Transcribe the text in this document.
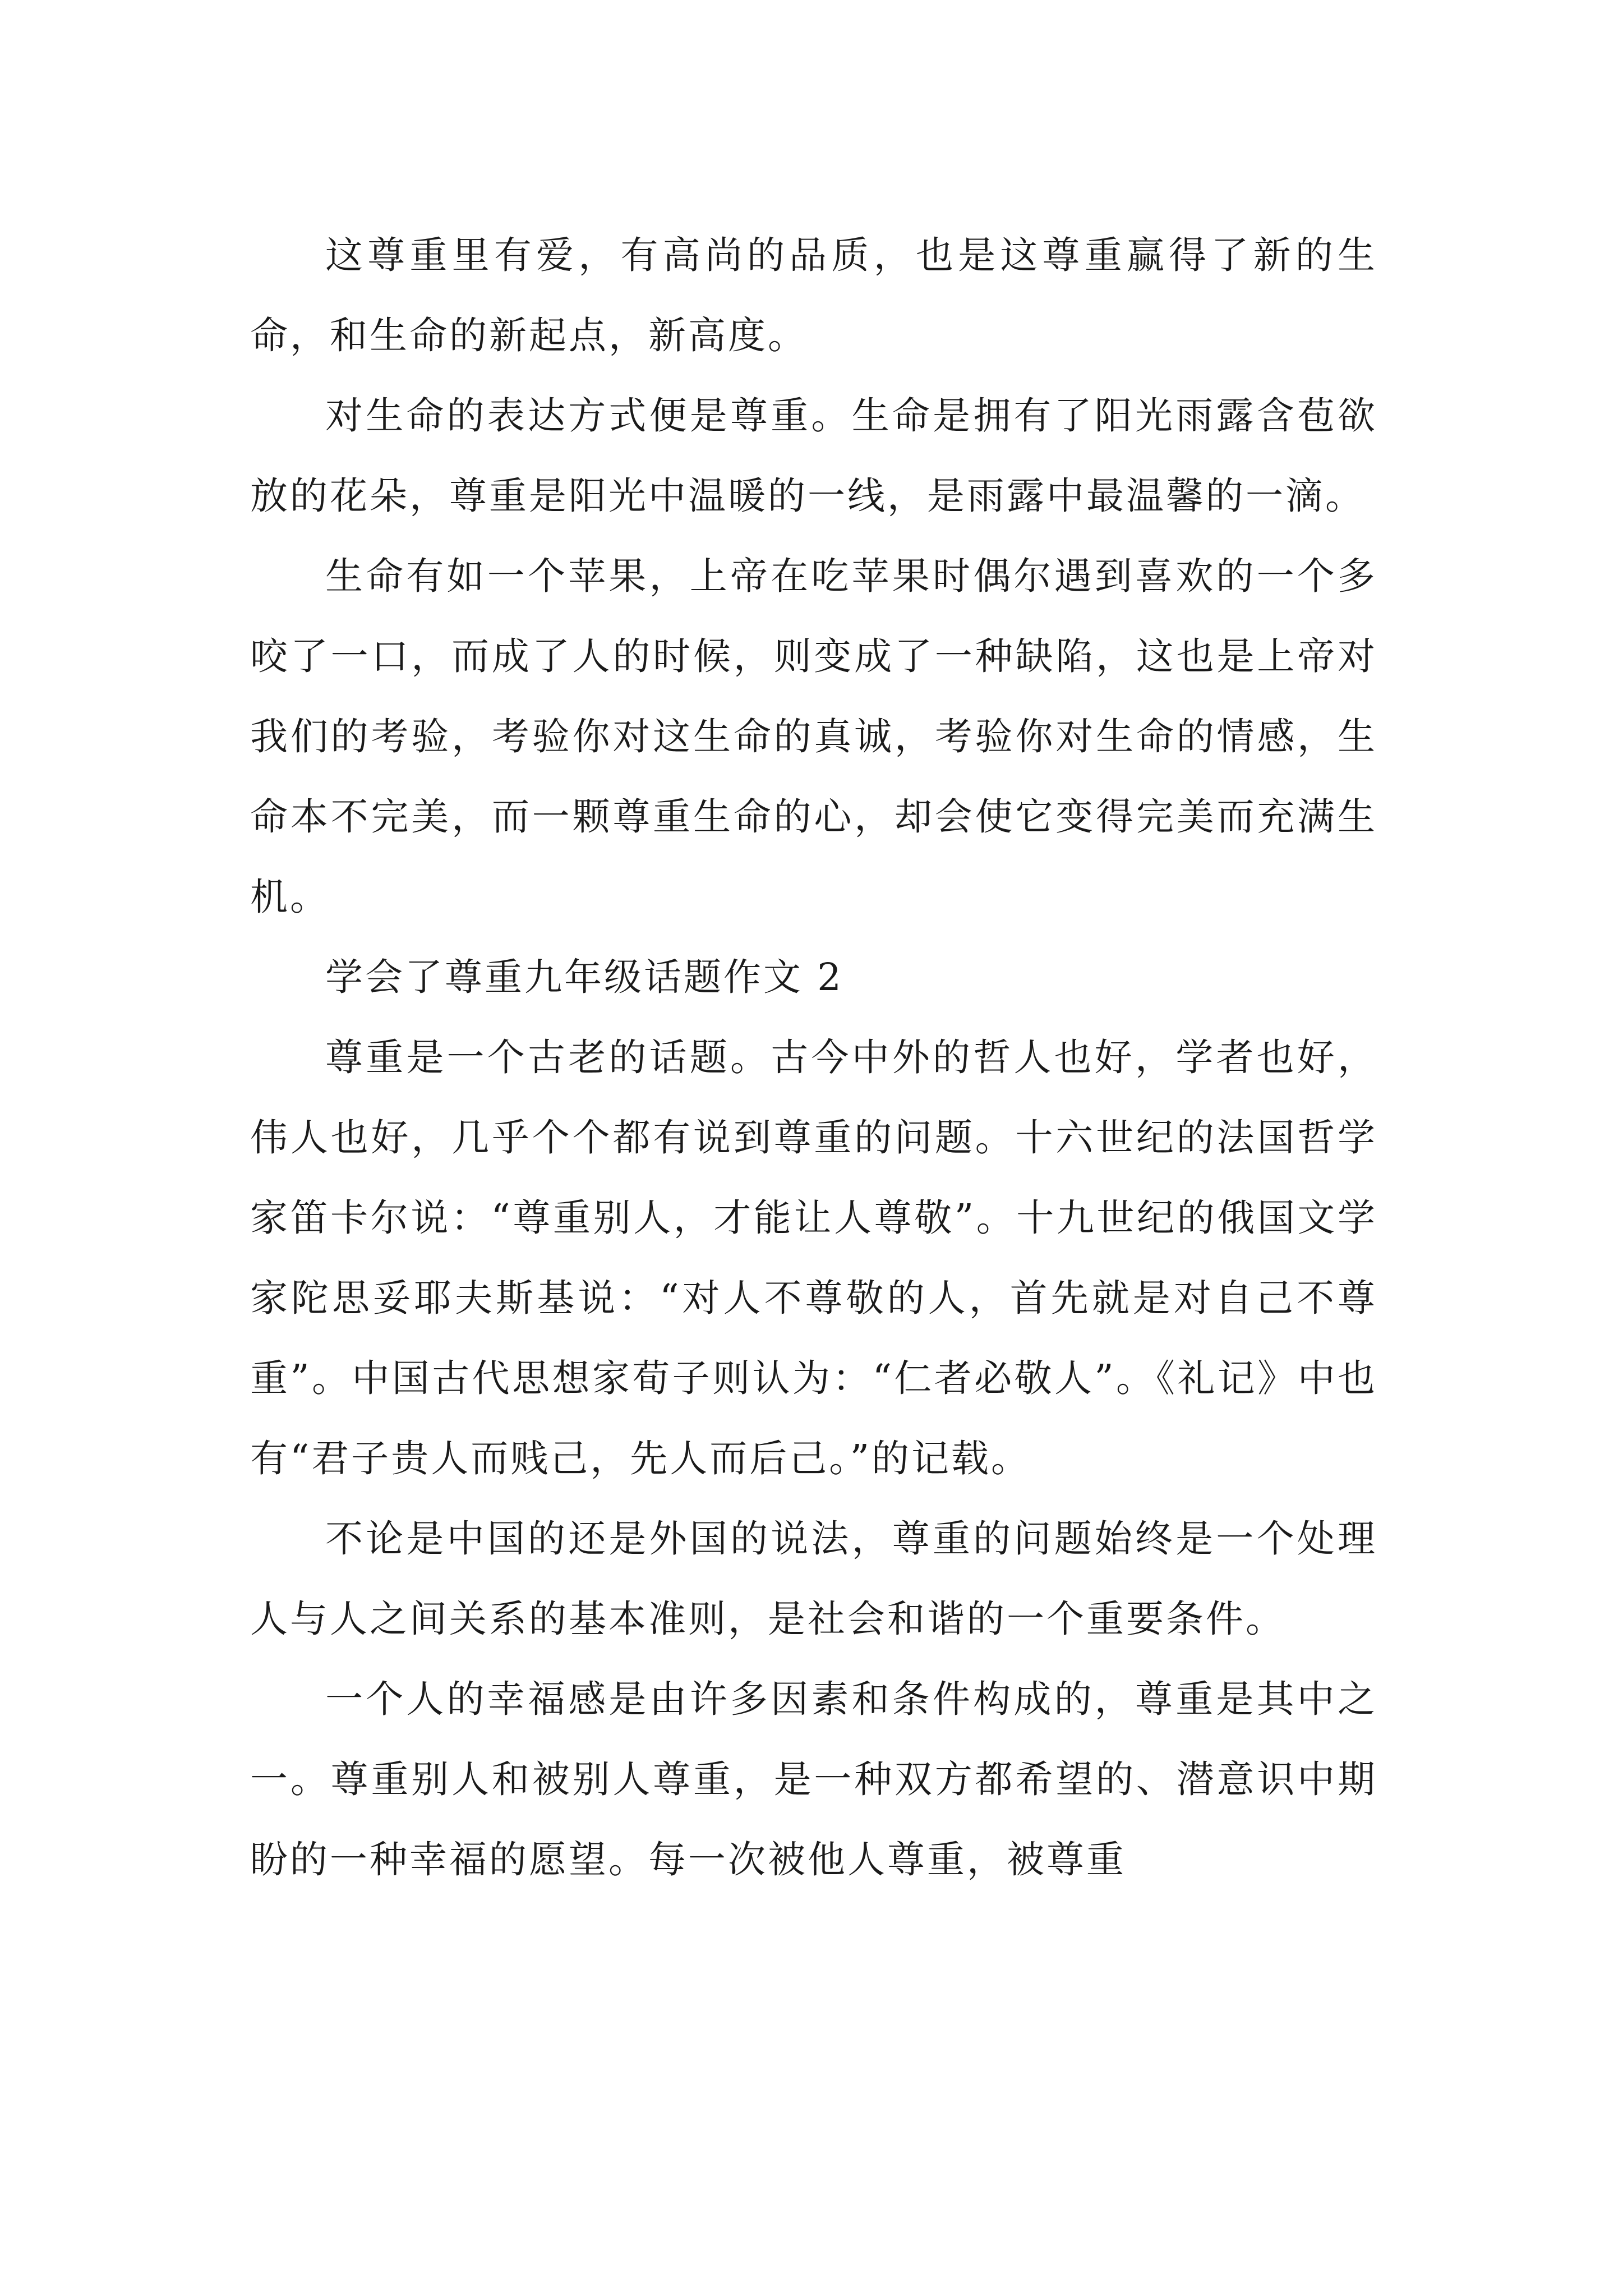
这尊重里有爱，有高尚的品质，也是这尊重赢得了新的生命，和生命的新起点，新高度。

对生命的表达方式便是尊重。生命是拥有了阳光雨露含苞欲放的花朵，尊重是阳光中温暖的一线，是雨露中最温馨的一滴。

生命有如一个苹果，上帝在吃苹果时偶尔遇到喜欢的一个多咬了一口，而成了人的时候，则变成了一种缺陷，这也是上帝对我们的考验，考验你对这生命的真诚，考验你对生命的情感，生命本不完美，而一颗尊重生命的心，却会使它变得完美而充满生机。

学会了尊重九年级话题作文 2

尊重是一个古老的话题。古今中外的哲人也好，学者也好，伟人也好，几乎个个都有说到尊重的问题。十六世纪的法国哲学家笛卡尔说：“尊重别人，才能让人尊敬”。十九世纪的俄国文学家陀思妥耶夫斯基说：“对人不尊敬的人，首先就是对自己不尊重”。中国古代思想家荀子则认为：“仁者必敬人”。《礼记》中也有“君子贵人而贱己，先人而后己。”的记载。

不论是中国的还是外国的说法，尊重的问题始终是一个处理人与人之间关系的基本准则，是社会和谐的一个重要条件。

一个人的幸福感是由许多因素和条件构成的，尊重是其中之一。尊重别人和被别人尊重，是一种双方都希望的、潜意识中期盼的一种幸福的愿望。每一次被他人尊重，被尊重
